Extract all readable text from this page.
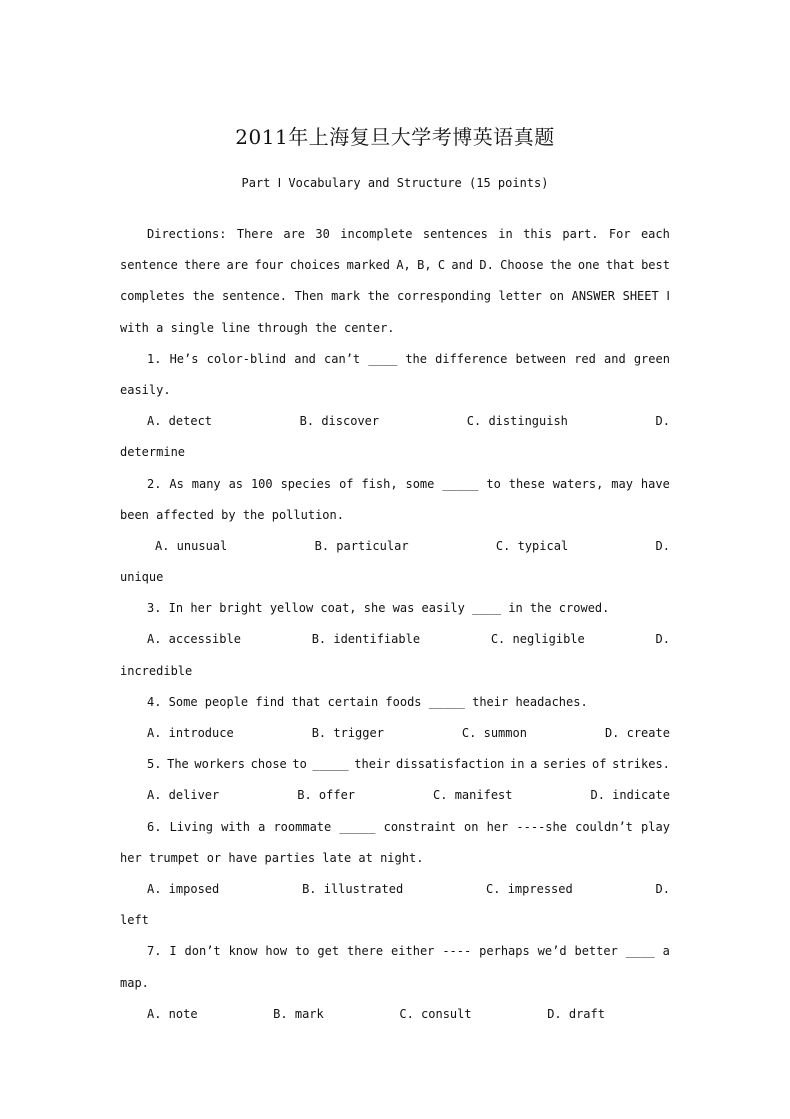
2011年上海复旦大学考博英语真题
Part Ⅰ Vocabulary and Structure (15 points)
Directions: There are 30 incomplete sentences in this part. For each
sentence there are four choices marked A, B, C and D. Choose the one that best
completes the sentence. Then mark the corresponding letter on ANSWER SHEET Ⅰ
with a single line through the center.
1. He’s color-blind and can’t ____ the difference between red and green
easily.
A. detect	B. discover	C. distinguish	D.
determine
2. As many as 100 species of fish, some _____ to these waters, may have
been affected by the pollution.
A. unusual	B. particular	C. typical	D.
unique
3. In her bright yellow coat, she was easily ____ in the crowed.
A. accessible	B. identifiable	C. negligible	D.
incredible
4. Some people find that certain foods _____ their headaches.
A. introduce	B. trigger	C. summon	D. create
5. The workers chose to _____ their dissatisfaction in a series of strikes.
A. deliver	B. offer	C. manifest	D. indicate
6. Living with a roommate _____ constraint on her ----she couldn’t play
her trumpet or have parties late at night.
A. imposed	B. illustrated	C. impressed	D.
left
7. I don’t know how to get there either ---- perhaps we’d better ____ a
map.
A. note	B. mark	C. consult	D. draft
